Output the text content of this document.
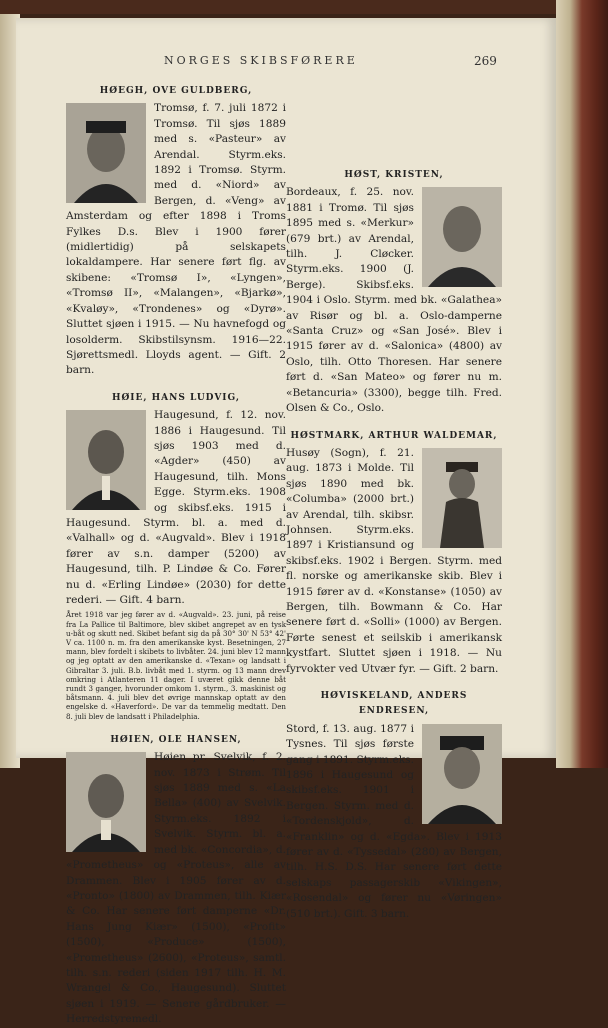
NORGES SKIBSFØRERE	269
HØEGH, OVE GULDBERG,
Tromsø, f. 7. juli 1872 i Tromsø. Til sjøs 1889 med s. «Pasteur» av Arendal. Styrm.eks. 1892 i Tromsø. Styrm. med d. «Niord» av Bergen, d. «Veng» av Amsterdam og efter 1898 i Troms Fylkes D.s. Blev i 1900 fører (midlertidig) på selskapets lokaldampere. Har senere ført flg. av skibene: «Tromsø I», «Lyngen», «Tromsø II», «Malangen», «Bjarkø», «Kvaløy», «Trondenes» og «Dyrø». Sluttet sjøen i 1915. — Nu havnefogd og losolderm. Skibstilsynsm. 1916—22. Sjørettsmedl. Lloyds agent. — Gift. 2 barn.
HØIE, HANS LUDVIG,
Haugesund, f. 12. nov. 1886 i Haugesund. Til sjøs 1903 med d. «Agder» (450) av Haugesund, tilh. Mons Egge. Styrm.eks. 1908 og skibsf.eks. 1915 i Haugesund. Styrm. bl. a. med d. «Valhall» og d. «Augvald». Blev i 1918 fører av s.n. damper (5200) av Haugesund, tilh. P. Lindøe & Co. Fører nu d. «Erling Lindøe» (2030) for dette rederi. — Gift. 4 barn.
Året 1918 var jeg fører av d. «Augvald». 23. juni, på reise fra La Pallice til Baltimore, blev skibet angrepet av en tysk u-båt og skutt ned. Skibet befant sig da på 30° 30' N 53° 42' V ca. 1100 n. m. fra den amerikanske kyst. Besetningen, 27 mann, blev fordelt i skibets to livbåter. 24. juni blev 12 mann og jeg optatt av den amerikanske d. «Texan» og landsatt i Gibraltar 3. juli. B.b. livbåt med 1. styrm. og 13 mann drev omkring i Atlanteren 11 dager. I uværet gikk denne båt rundt 3 ganger, hvorunder omkom 1. styrm., 3. maskinist og båtsmann. 4. juli blev det øvrige mannskap optatt av den engelske d. «Haverford». De var da temmelig medtatt. Den 8. juli blev de landsatt i Philadelphia.
HØIEN, OLE HANSEN,
Høien pr. Svelvik, f. 2. nov. 1873 i Strøm. Til sjøs 1889 med s. «La Bella» (400) av Svelvik. Styrm.eks. 1892 i Svelvik. Styrm. bl. a. med bk. «Concordia», d. «Prometheus» og «Proteus», alle av Drammen. Blev i 1905 fører av d. «Pronto» (1800) av Drammen, tilh. Kiær & Co. Har senere ført damperne «Dr. Hans Jung Kiær» (1500), «Profit» (1500), «Produce» (1500), «Prometheus» (2600), «Proteus», samtl. tilh. s.n. rederi (siden 1917 tilh. H. M. Wrangel & Co., Haugesund). Sluttet sjøen i 1919. — Senere gårdbruker. — Herredstyremedl.
HØST, KRISTEN,
Bordeaux, f. 25. nov. 1881 i Tromø. Til sjøs 1895 med s. «Merkur» (679 brt.) av Arendal, tilh. J. Cløcker. Styrm.eks. 1900 (J. Berge). Skibsf.eks. 1904 i Oslo. Styrm. med bk. «Galathea» av Risør og bl. a. Oslo-damperne «Santa Cruz» og «San José». Blev i 1915 fører av d. «Salonica» (4800) av Oslo, tilh. Otto Thoresen. Har senere ført d. «San Mateo» og fører nu m. «Betancuria» (3300), begge tilh. Fred. Olsen & Co., Oslo.
HØSTMARK, ARTHUR WALDEMAR,
Husøy (Sogn), f. 21. aug. 1873 i Molde. Til sjøs 1890 med bk. «Columba» (2000 brt.) av Arendal, tilh. skibsr. Johnsen. Styrm.eks. 1897 i Kristiansund og skibsf.eks. 1902 i Bergen. Styrm. med fl. norske og amerikanske skib. Blev i 1915 fører av d. «Konstanse» (1050) av Bergen, tilh. Bowmann & Co. Har senere ført d. «Solli» (1000) av Bergen. Førte senest et seilskib i amerikansk kystfart. Sluttet sjøen i 1918. — Nu fyrvokter ved Utvær fyr. — Gift. 2 barn.
HØVISKELAND, ANDERS ENDRESEN,
Stord, f. 13. aug. 1877 i Tysnes. Til sjøs første gang i 1891. Styrm.eks. 1896 i Haugesund og skibsf.eks. 1901 i Bergen. Styrm. med d. «Tordenskjold», d. «Franklin» og d. «Egda». Blev i 1913 fører av d. «Tyssedal» (280) av Bergen, tilh. H.S. D.S. Har senere ført dette selskaps passagerskib «Vikingen», «Rosendal» og fører nu «Vøringen» (510 brt.). Gift. 3 barn.
